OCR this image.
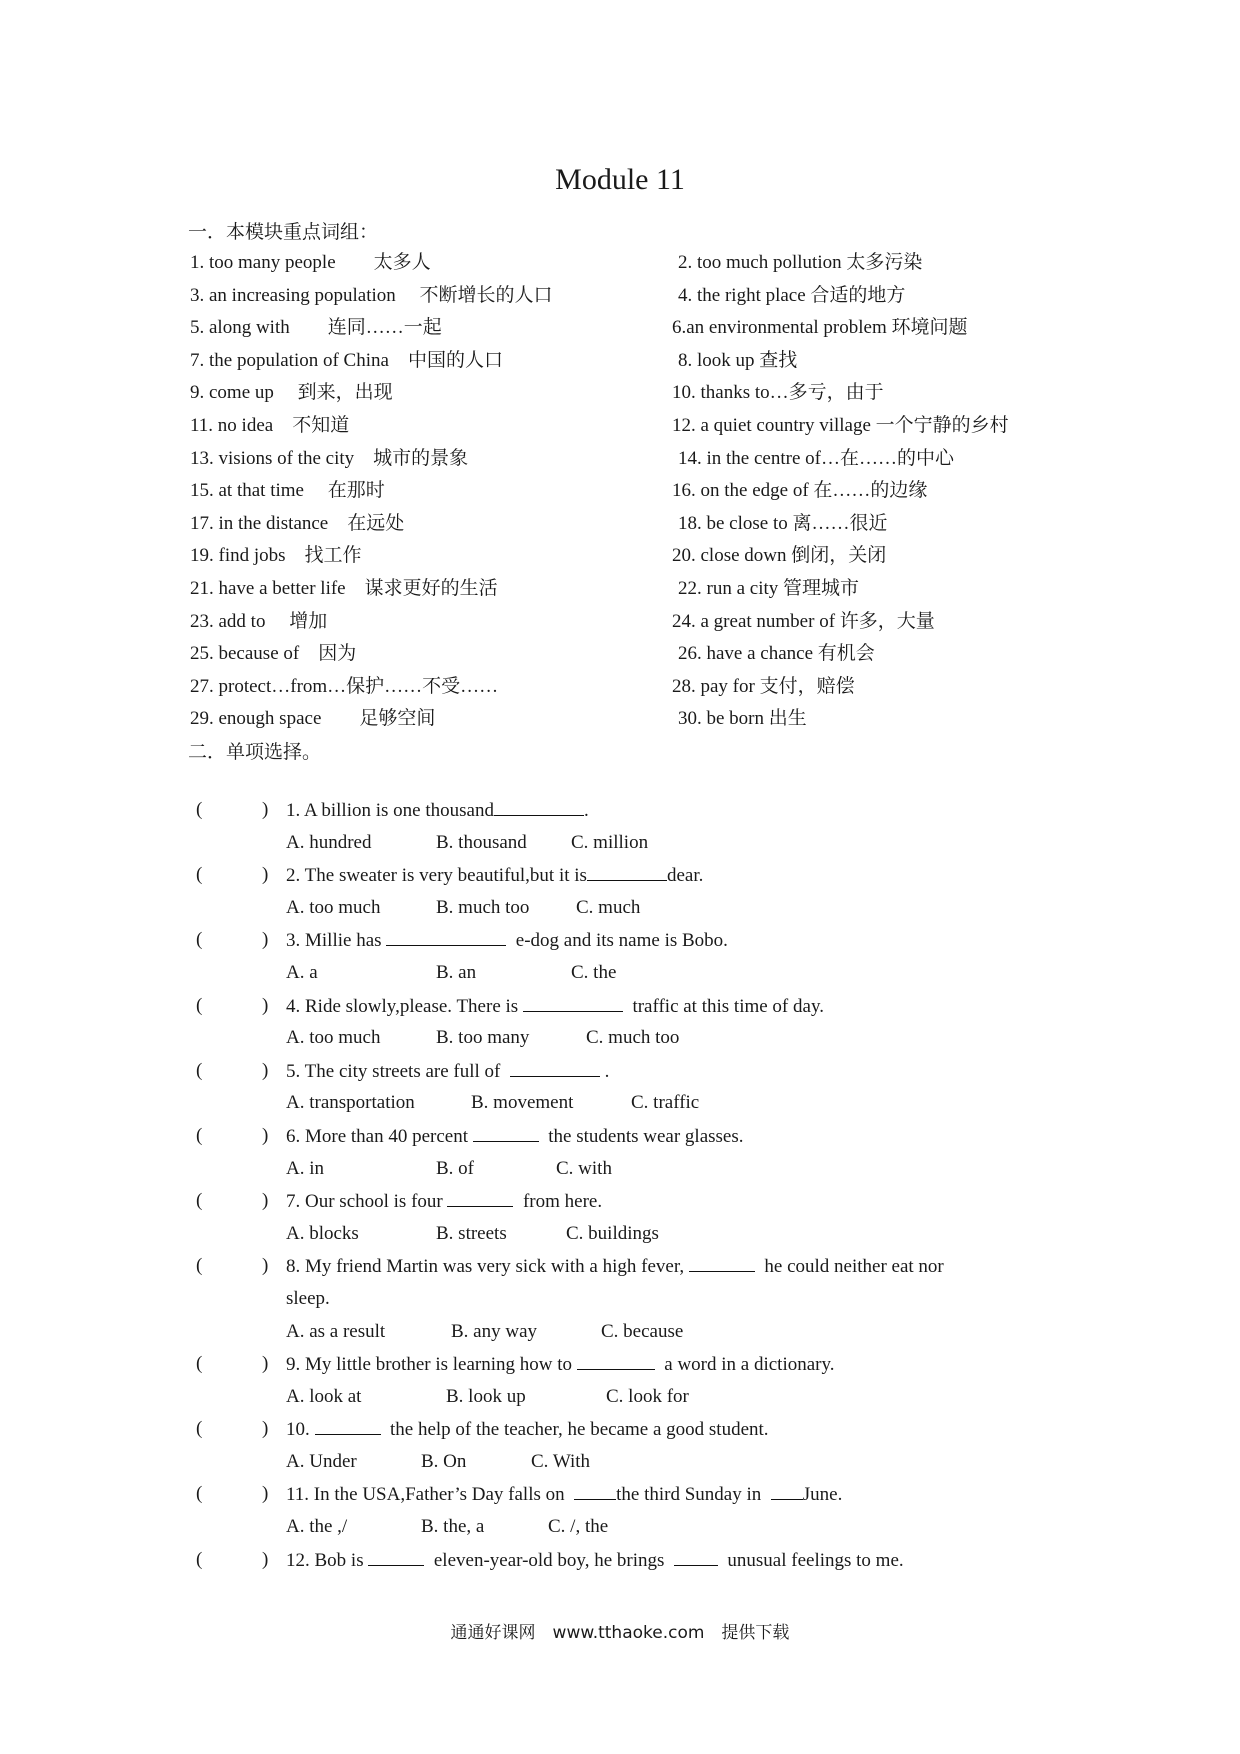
Module 11
一．本模块重点词组：
1. too many people　　太多人	2. too much pollution 太多污染
3. an increasing population　 不断增长的人口	4. the right place 合适的地方
5. along with　　连同……一起	6.an environmental problem 环境问题
7. the population of China　中国的人口	8. look up 查找
9. come up　 到来，出现	10. thanks to…多亏，由于
11. no idea　不知道	12. a quiet country village 一个宁静的乡村
13. visions of the city　城市的景象	14. in the centre of…在……的中心
15. at that time　 在那时	16. on the edge of 在……的边缘
17. in the distance　在远处	18. be close to 离……很近
19. find jobs　找工作	20. close down 倒闭，关闭
21. have a better life　谋求更好的生活	22. run a city 管理城市
23. add to　 增加	24. a great number of 许多，大量
25. because of　因为	26. have a chance 有机会
27. protect…from…保护……不受……	28. pay for 支付，赔偿
29. enough space　　足够空间	30. be born 出生
二．单项选择。
(	) 1. A billion is one thousand	.
A. hundred	B. thousand C. million
(	) 2. The sweater is very beautiful,but it is	dear.
A. too much	B. much too C. much
(	) 3. Millie has	e-dog and its name is Bobo.
A. a	B. an	C. the
(	) 4. Ride slowly,please. There is	traffic at this time of day.
A. too much	B. too many	C. much too
(	) 5. The city streets are full of	.
A. transportation	B. movement	C. traffic
(	) 6. More than 40 percent	the students wear glasses.
A. in	B. of	C. with
(	) 7. Our school is four	from here.
A. blocks	B. streets	C. buildings
(	) 8. My friend Martin was very sick with a high fever,	he could neither eat nor
sleep.
A. as a result	B. any way	C. because
(	) 9. My little brother is learning how to	a word in a dictionary.
A. look at	B. look up	C. look for
(	) 10.	the help of the teacher, he became a good student.
A. Under	B. On	C. With
(	) 11. In the USA,Father’s Day falls on  the third Sunday in  June.
A. the ,/	B. the, a	C. /, the
(	) 12. Bob is	eleven-year-old boy, he brings    unusual feelings to me.
通通好课网　www.tthaoke.com　提供下载
